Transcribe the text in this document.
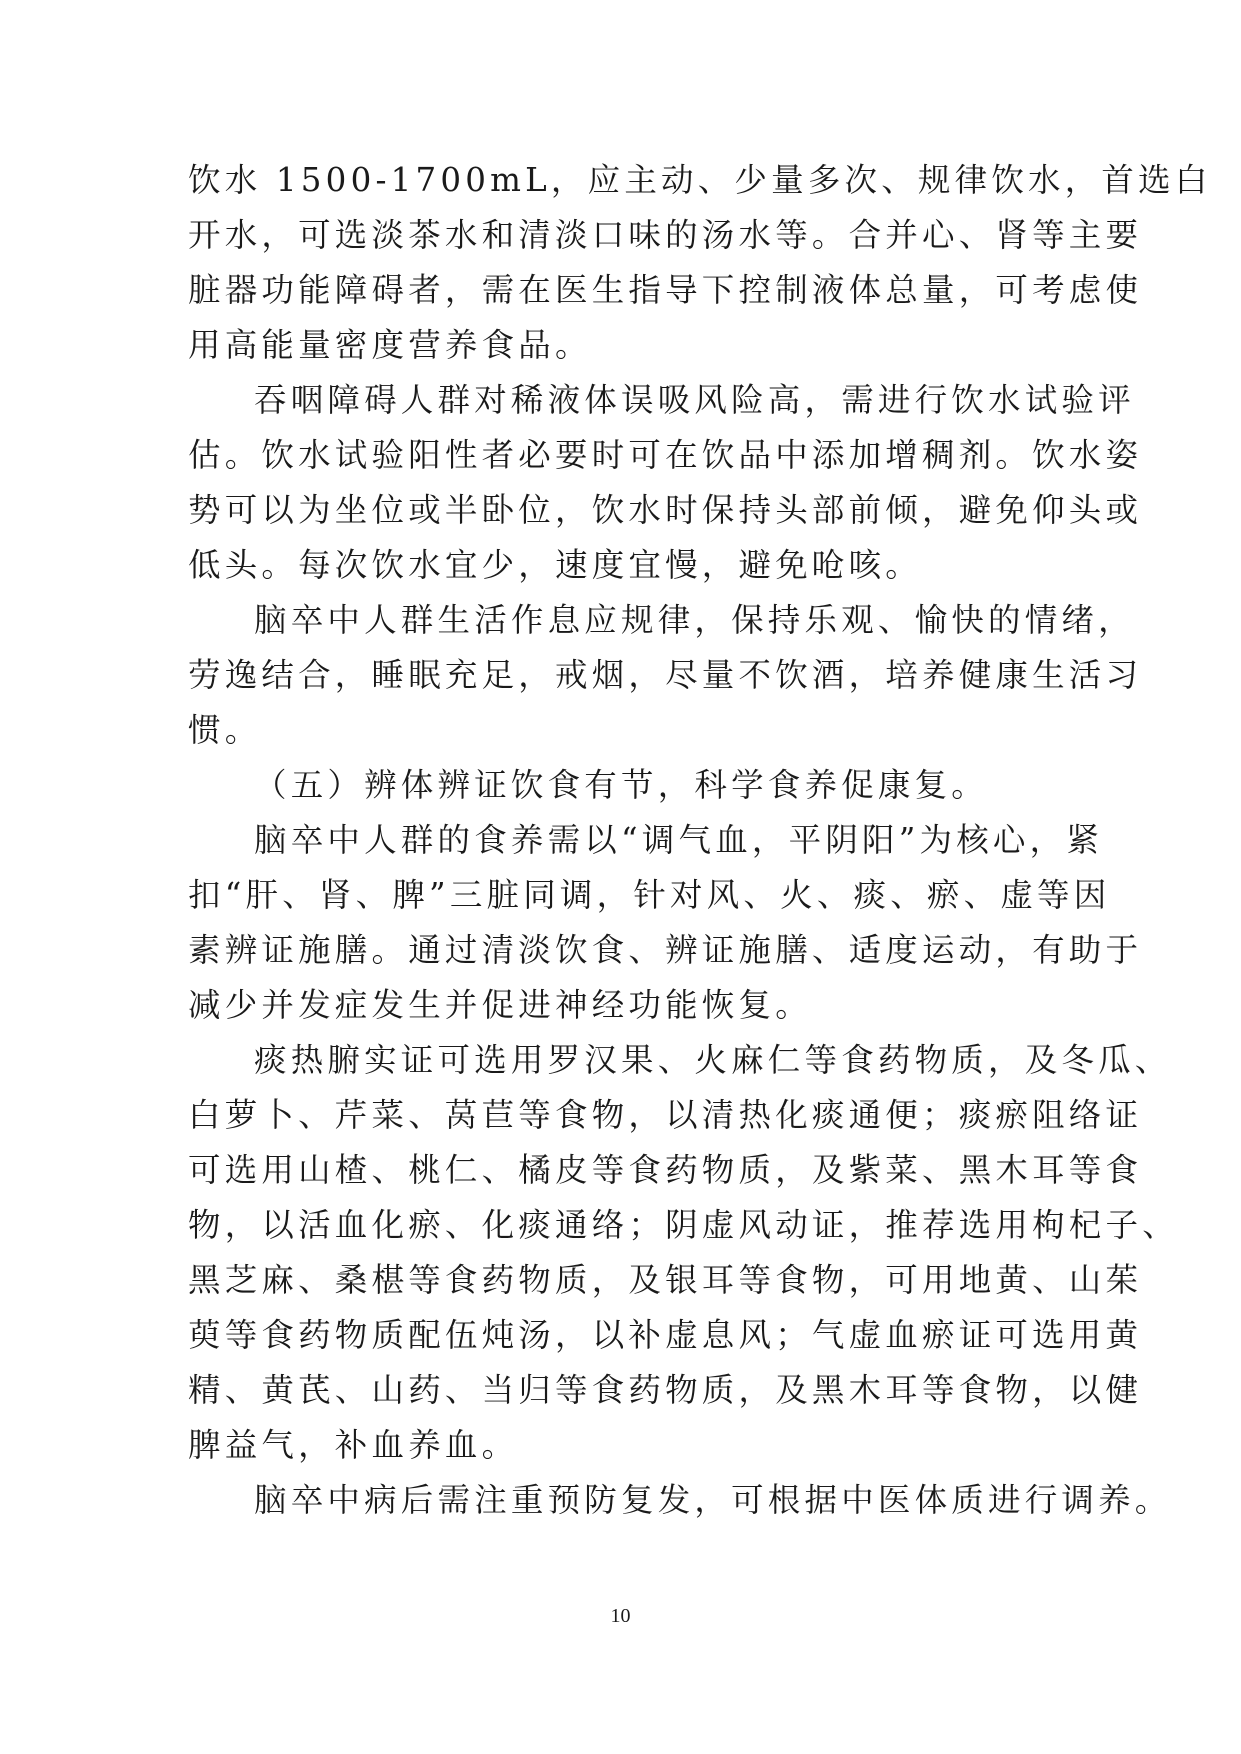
饮水 1500-1700mL，应主动、少量多次、规律饮水，首选白
开水，可选淡茶水和清淡口味的汤水等。合并心、肾等主要
脏器功能障碍者，需在医生指导下控制液体总量，可考虑使
用高能量密度营养食品。
吞咽障碍人群对稀液体误吸风险高，需进行饮水试验评
估。饮水试验阳性者必要时可在饮品中添加增稠剂。饮水姿
势可以为坐位或半卧位，饮水时保持头部前倾，避免仰头或
低头。每次饮水宜少，速度宜慢，避免呛咳。
脑卒中人群生活作息应规律，保持乐观、愉快的情绪，
劳逸结合，睡眠充足，戒烟，尽量不饮酒，培养健康生活习
惯。
（五）辨体辨证饮食有节，科学食养促康复。
脑卒中人群的食养需以“调气血，平阴阳”为核心，紧
扣“肝、肾、脾”三脏同调，针对风、火、痰、瘀、虚等因
素辨证施膳。通过清淡饮食、辨证施膳、适度运动，有助于
减少并发症发生并促进神经功能恢复。
痰热腑实证可选用罗汉果、火麻仁等食药物质，及冬瓜、
白萝卜、芹菜、莴苣等食物，以清热化痰通便；痰瘀阻络证
可选用山楂、桃仁、橘皮等食药物质，及紫菜、黑木耳等食
物，以活血化瘀、化痰通络；阴虚风动证，推荐选用枸杞子、
黑芝麻、桑椹等食药物质，及银耳等食物，可用地黄、山茱
萸等食药物质配伍炖汤，以补虚息风；气虚血瘀证可选用黄
精、黄芪、山药、当归等食药物质，及黑木耳等食物，以健
脾益气，补血养血。
脑卒中病后需注重预防复发，可根据中医体质进行调养。
10
